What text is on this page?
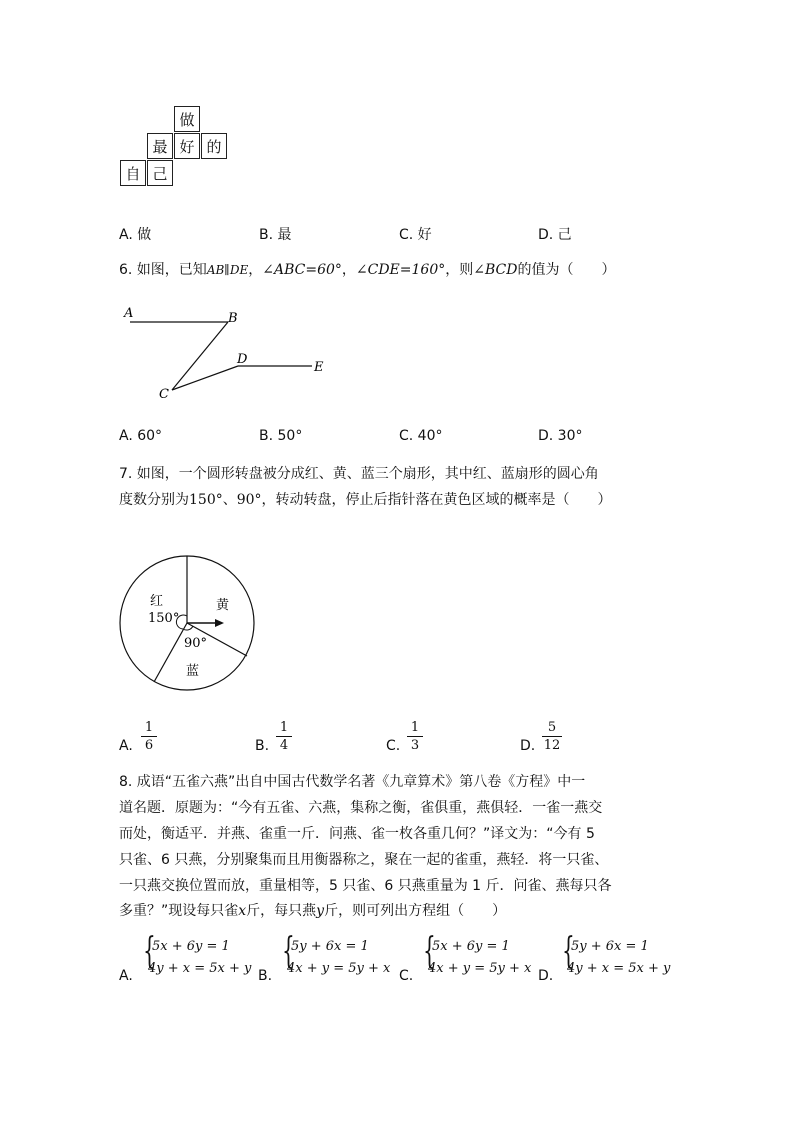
做
最 好 的
自 己
A. 做	B. 最	C. 好	D. 己
6. 如图，已知AB∥DE，∠ABC=60°，∠CDE=160°，则∠BCD的值为（　　）
A	B
C
D
E
A. 60°	B. 50°	C. 40°	D. 30°
7. 如图，一个圆形转盘被分成红、黄、蓝三个扇形，其中红、蓝扇形的圆心角
度数分别为150°、90°，转动转盘，停止后指针落在黄色区域的概率是（　　）
红
150°
黄
90°
蓝
A.
1
6	B.
1
4	C.
1
3	D.
5
12
8. 成语“五雀六燕”出自中国古代数学名著《九章算术》第八卷《方程》中一
道名题．原题为：“今有五雀、六燕，集称之衡，雀俱重，燕俱轻．一雀一燕交
而处，衡适平．并燕、雀重一斤．问燕、雀一枚各重几何？”译文为：“今有 5
只雀、6 只燕，分别聚集而且用衡器称之，聚在一起的雀重，燕轻．将一只雀、
一只燕交换位置而放，重量相等，5 只雀、6 只燕重量为 1 斤．问雀、燕每只各
多重？”现设每只雀x斤，每只燕y斤，则可列出方程组（　　）
A.
{
5x + 6y = 1
4y + x = 5x + y B.
{
5y + 6x = 1
4x + y = 5y + x C.
{
5x + 6y = 1
4x + y = 5y + x D.
{
5y + 6x = 1
4y + x = 5x + y
